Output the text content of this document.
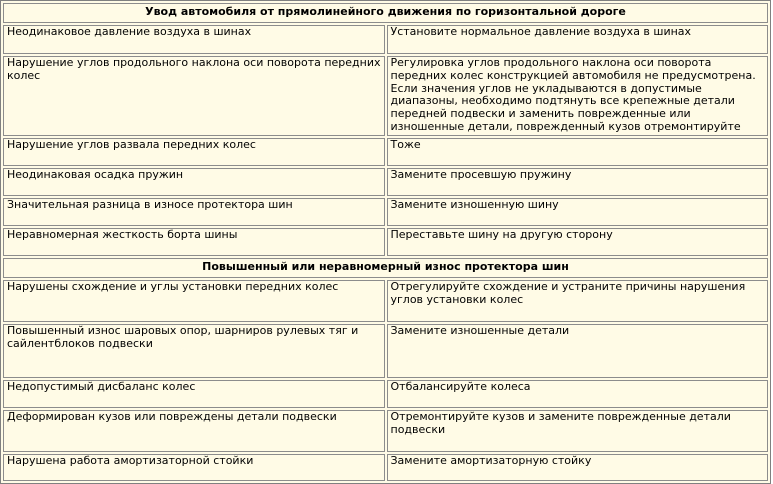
Увод автомобиля от прямолинейного движения по горизонтальной дороге	
Неодинаковое давление воздуха в шинах	Установите нормальное давление воздуха в шинах
Нарушение углов продольного наклона оси поворота передних колес	Регулировка углов продольного наклона оси поворота передних колес конструкцией автомобиля не предусмотрена. Если значения углов не укладываются в допустимые диапазоны, необходимо подтянуть все крепежные детали передней подвески и заменить поврежденные или изношенные детали, поврежденный кузов отремонтируйте
Нарушение углов развала передних колес	Тоже
Неодинаковая осадка пружин	Замените просевшую пружину
Значительная разница в износе протектора шин	Замените изношенную шину
Неравномерная жесткость борта шины	Переставьте шину на другую сторону
Повышенный или неравномерный износ протектора шин	
Нарушены схождение и углы установки передних колес	Отрегулируйте схождение и устраните причины нарушения углов установки колес
Повышенный износ шаровых опор, шарниров рулевых тяг и сайлентблоков подвески	Замените изношенные детали
Недопустимый дисбаланс колес	Отбалансируйте колеса
Деформирован кузов или повреждены детали подвески	Отремонтируйте кузов и замените поврежденные детали подвески
Нарушена работа амортизаторной стойки	Замените амортизаторную стойку
